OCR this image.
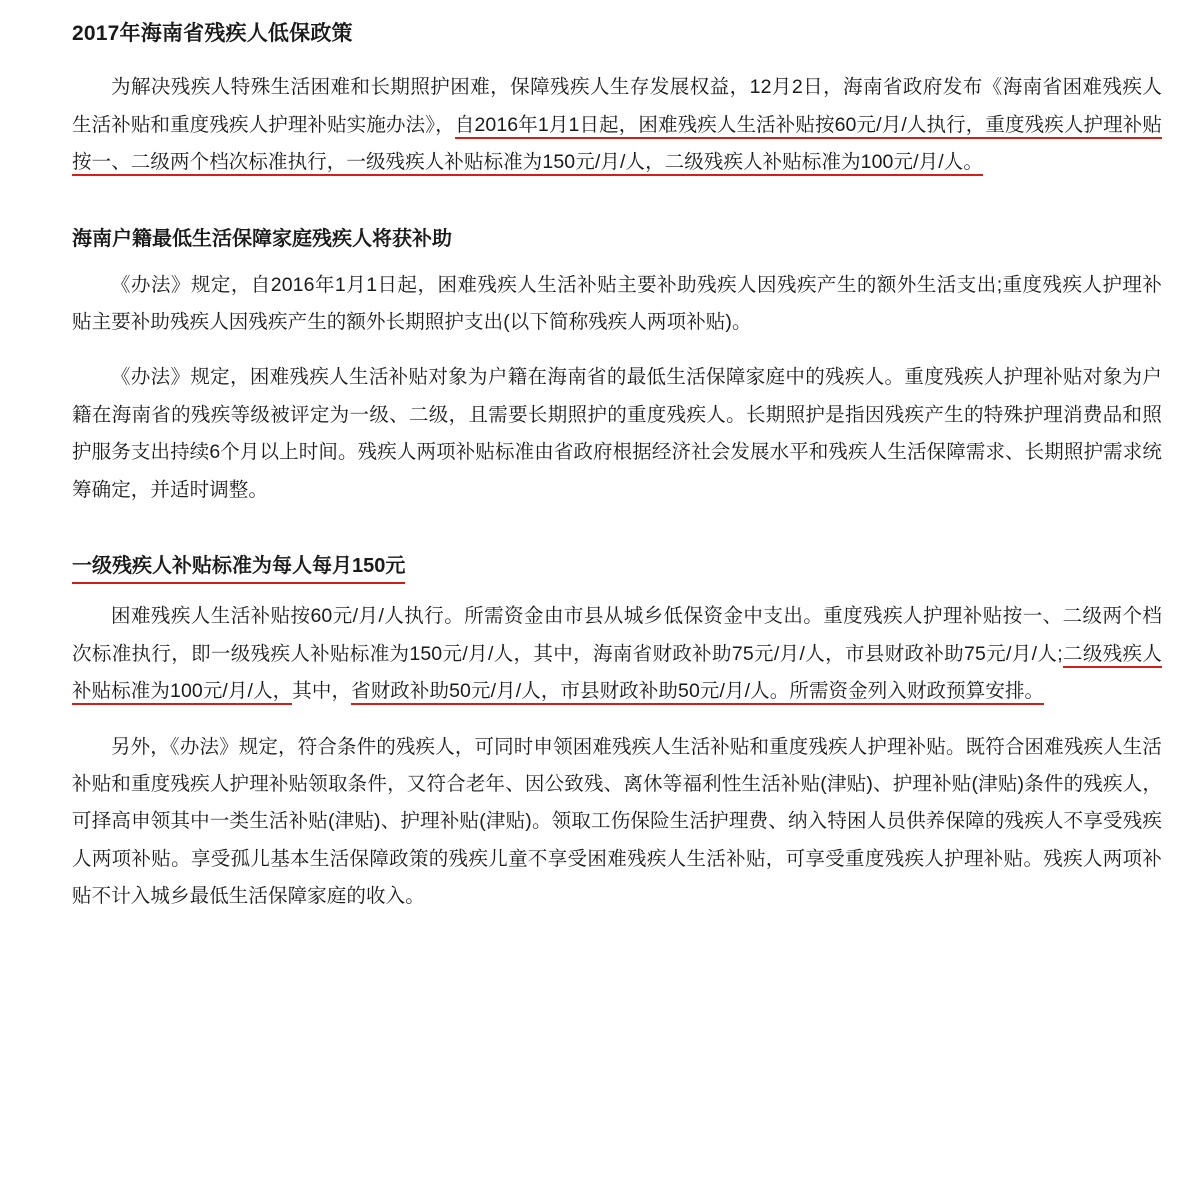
2017年海南省残疾人低保政策

为解决残疾人特殊生活困难和长期照护困难，保障残疾人生存发展权益，12月2日，海南省政府发布《海南省困难残疾人生活补贴和重度残疾人护理补贴实施办法》，自2016年1月1日起，困难残疾人生活补贴按60元/月/人执行，重度残疾人护理补贴按一、二级两个档次标准执行，一级残疾人补贴标准为150元/月/人，二级残疾人补贴标准为100元/月/人。

海南户籍最低生活保障家庭残疾人将获补助

《办法》规定，自2016年1月1日起，困难残疾人生活补贴主要补助残疾人因残疾产生的额外生活支出;重度残疾人护理补贴主要补助残疾人因残疾产生的额外长期照护支出(以下简称残疾人两项补贴)。

《办法》规定，困难残疾人生活补贴对象为户籍在海南省的最低生活保障家庭中的残疾人。重度残疾人护理补贴对象为户籍在海南省的残疾等级被评定为一级、二级，且需要长期照护的重度残疾人。长期照护是指因残疾产生的特殊护理消费品和照护服务支出持续6个月以上时间。残疾人两项补贴标准由省政府根据经济社会发展水平和残疾人生活保障需求、长期照护需求统筹确定，并适时调整。

一级残疾人补贴标准为每人每月150元

困难残疾人生活补贴按60元/月/人执行。所需资金由市县从城乡低保资金中支出。重度残疾人护理补贴按一、二级两个档次标准执行，即一级残疾人补贴标准为150元/月/人，其中，海南省财政补助75元/月/人，市县财政补助75元/月/人;二级残疾人补贴标准为100元/月/人，其中，省财政补助50元/月/人，市县财政补助50元/月/人。所需资金列入财政预算安排。

另外，《办法》规定，符合条件的残疾人，可同时申领困难残疾人生活补贴和重度残疾人护理补贴。既符合困难残疾人生活补贴和重度残疾人护理补贴领取条件，又符合老年、因公致残、离休等福利性生活补贴(津贴)、护理补贴(津贴)条件的残疾人，可择高申领其中一类生活补贴(津贴)、护理补贴(津贴)。领取工伤保险生活护理费、纳入特困人员供养保障的残疾人不享受残疾人两项补贴。享受孤儿基本生活保障政策的残疾儿童不享受困难残疾人生活补贴，可享受重度残疾人护理补贴。残疾人两项补贴不计入城乡最低生活保障家庭的收入。
